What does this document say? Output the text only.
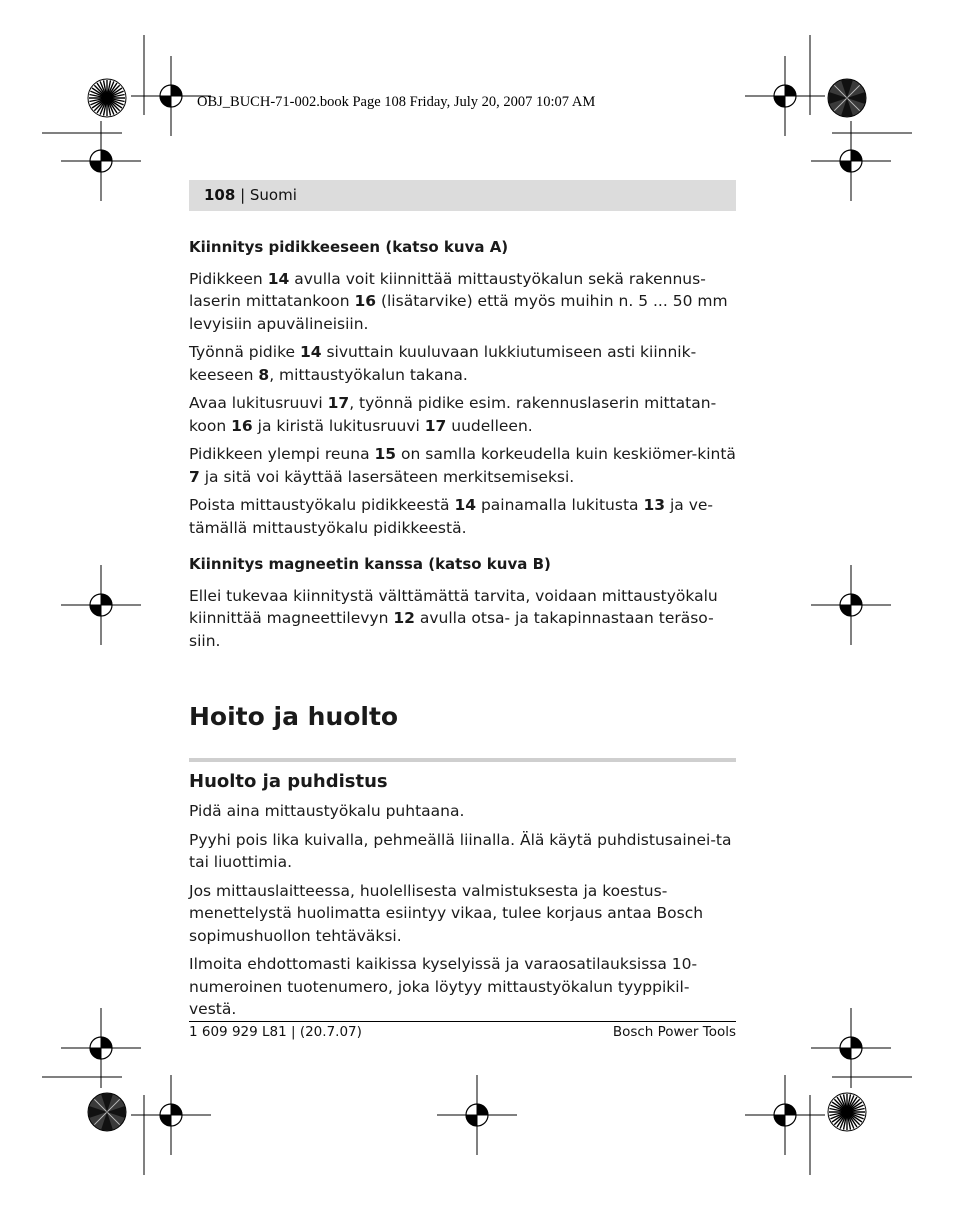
OBJ_BUCH-71-002.book Page 108 Friday, July 20, 2007 10:07 AM
108 | Suomi
Kiinnitys pidikkeeseen (katso kuva A)

Pidikkeen 14 avulla voit kiinnittää mittaustyökalun sekä rakennus-laserin mittatankoon 16 (lisätarvike) että myös muihin n. 5 ... 50 mm levyisiin apuvälineisiin.

Työnnä pidike 14 sivuttain kuuluvaan lukkiutumiseen asti kiinnik-keeseen 8, mittaustyökalun takana.

Avaa lukitusruuvi 17, työnnä pidike esim. rakennuslaserin mittatan-koon 16 ja kiristä lukitusruuvi 17 uudelleen.

Pidikkeen ylempi reuna 15 on samlla korkeudella kuin keskiömer-kintä 7 ja sitä voi käyttää lasersäteen merkitsemiseksi.

Poista mittaustyökalu pidikkeestä 14 painamalla lukitusta 13 ja ve-tämällä mittaustyökalu pidikkeestä.

Kiinnitys magneetin kanssa (katso kuva B)

Ellei tukevaa kiinnitystä välttämättä tarvita, voidaan mittaustyökalu kiinnittää magneettilevyn 12 avulla otsa- ja takapinnastaan teräso-siin.

Hoito ja huolto
Huolto ja puhdistus

Pidä aina mittaustyökalu puhtaana.

Pyyhi pois lika kuivalla, pehmeällä liinalla. Älä käytä puhdistusainei-ta tai liuottimia.

Jos mittauslaitteessa, huolellisesta valmistuksesta ja koestus-menettelystä huolimatta esiintyy vikaa, tulee korjaus antaa Bosch sopimushuollon tehtäväksi.

Ilmoita ehdottomasti kaikissa kyselyissä ja varaosatilauksissa 10-numeroinen tuotenumero, joka löytyy mittaustyökalun tyyppikil-vestä.

1 609 929 L81 | (20.7.07)	Bosch Power Tools
